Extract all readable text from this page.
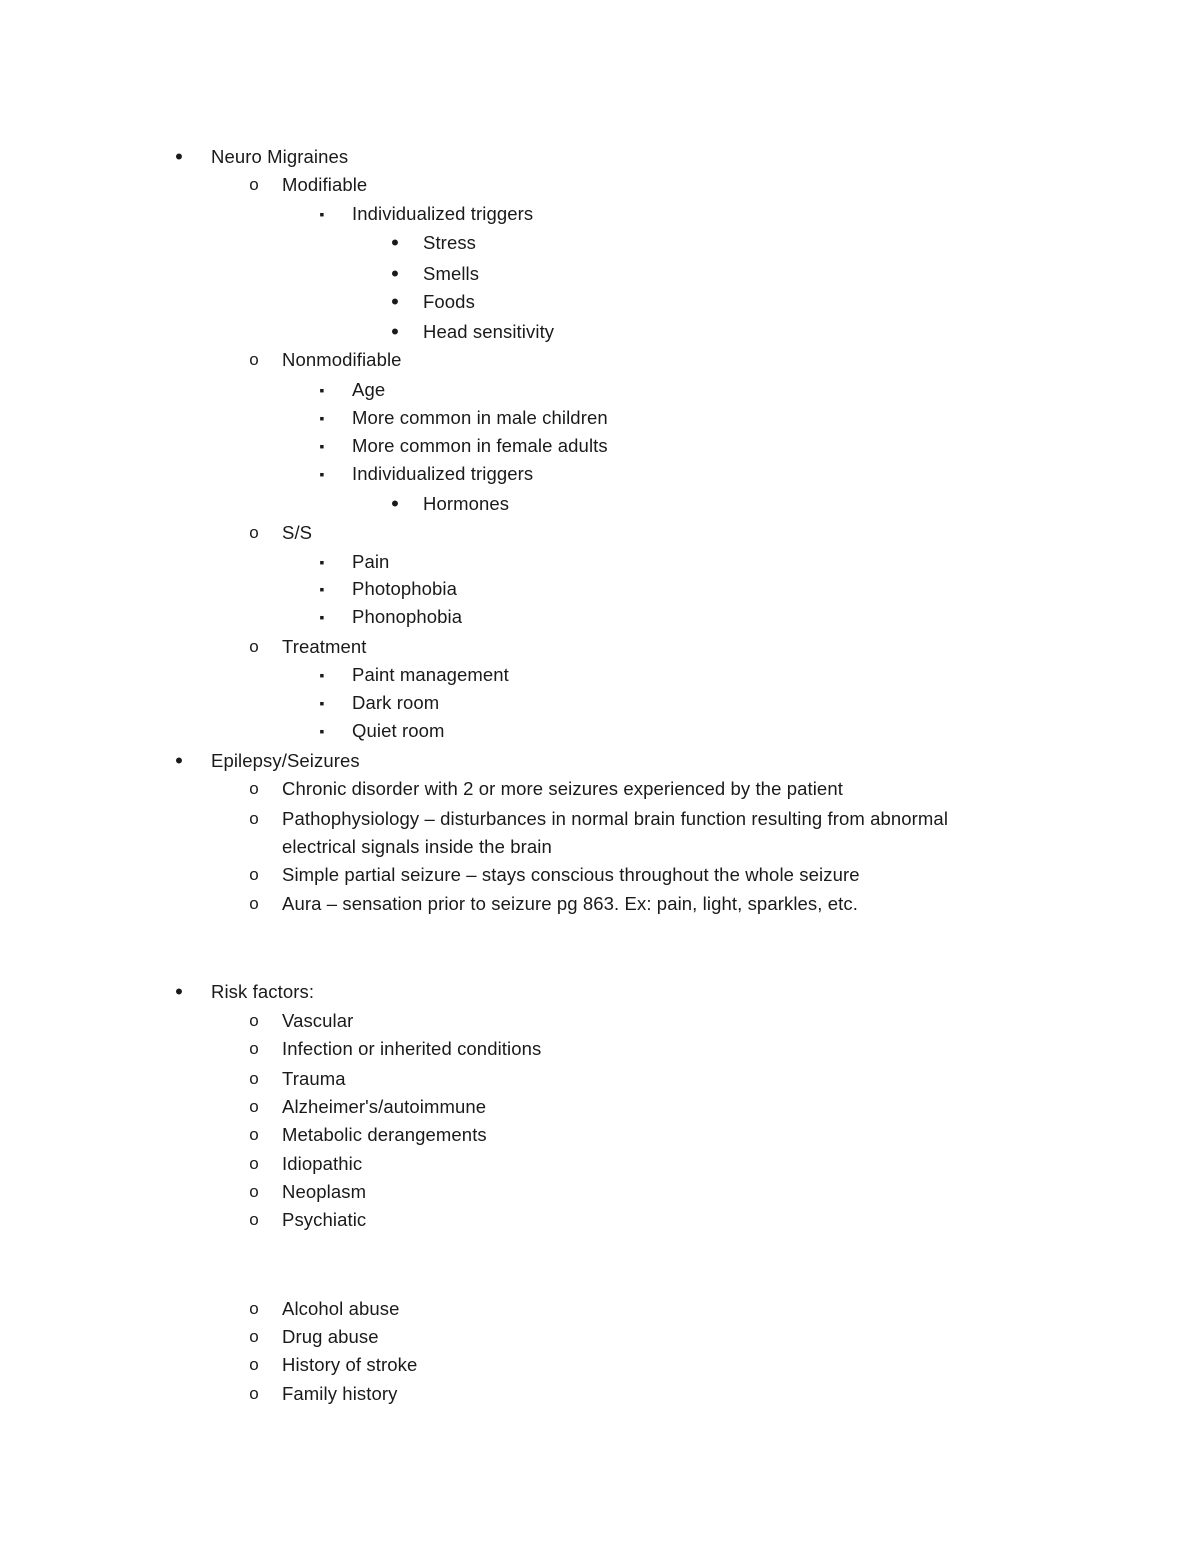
•
Neuro Migraines
o
Modifiable
▪
Individualized triggers
•
Stress
•
Smells
•
Foods
•
Head sensitivity
o
Nonmodifiable
▪
Age
▪
More common in male children
▪
More common in female adults
▪
Individualized triggers
•
Hormones
o
S/S
▪
Pain
▪
Photophobia
▪
Phonophobia
o
Treatment
▪
Paint management
▪
Dark room
▪
Quiet room
•
Epilepsy/Seizures
o
Chronic disorder with 2 or more seizures experienced by the patient
o
Pathophysiology – disturbances in normal brain function resulting from abnormal
electrical signals inside the brain
o
Simple partial seizure – stays conscious throughout the whole seizure
o
Aura – sensation prior to seizure pg 863. Ex: pain, light, sparkles, etc.
•
Risk factors:
o
Vascular
o
Infection or inherited conditions
o
Trauma
o
Alzheimer's/autoimmune
o
Metabolic derangements
o
Idiopathic
o
Neoplasm
o
Psychiatic
o
Alcohol abuse
o
Drug abuse
o
History of stroke
o
Family history
